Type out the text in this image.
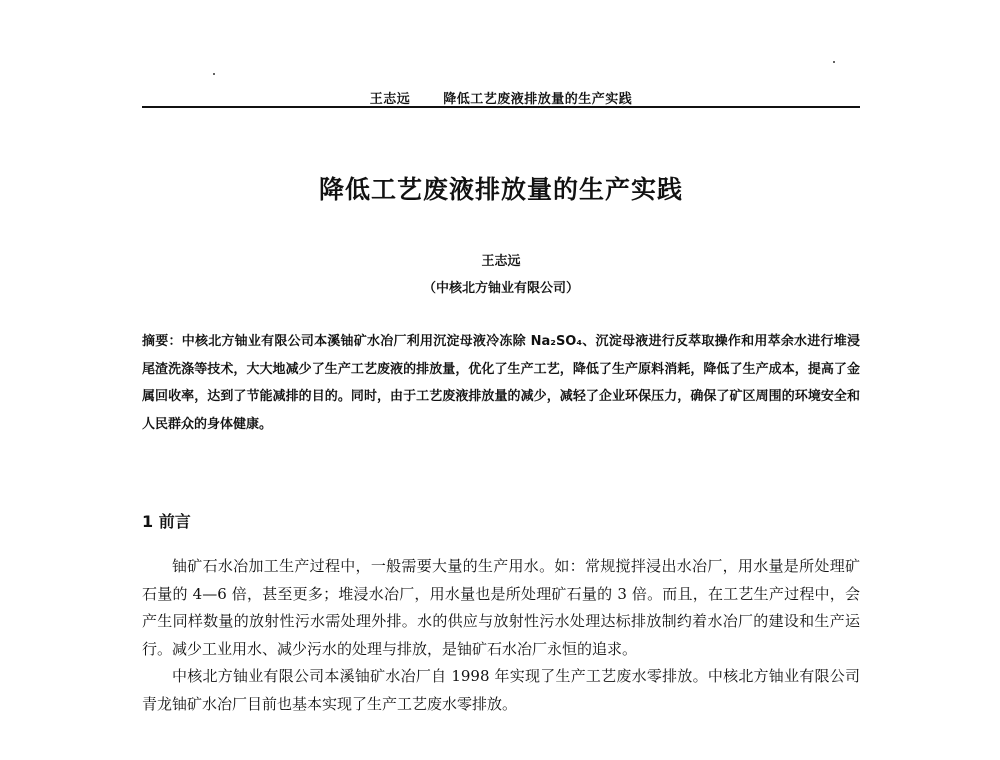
王志远	降低工艺废液排放量的生产实践
降低工艺废液排放量的生产实践
王志远
（中核北方铀业有限公司）
摘要：中核北方铀业有限公司本溪铀矿水冶厂利用沉淀母液冷冻除 Na₂SO₄、沉淀母液进行反萃取操作和用萃余水进行堆浸尾渣洗涤等技术，大大地减少了生产工艺废液的排放量，优化了生产工艺，降低了生产原料消耗，降低了生产成本，提高了金属回收率，达到了节能减排的目的。同时，由于工艺废液排放量的减少，减轻了企业环保压力，确保了矿区周围的环境安全和人民群众的身体健康。
1 前言

铀矿石水冶加工生产过程中，一般需要大量的生产用水。如：常规搅拌浸出水冶厂，用水量是所处理矿石量的 4—6 倍，甚至更多；堆浸水冶厂，用水量也是所处理矿石量的 3 倍。而且，在工艺生产过程中，会产生同样数量的放射性污水需处理外排。水的供应与放射性污水处理达标排放制约着水冶厂的建设和生产运行。减少工业用水、减少污水的处理与排放，是铀矿石水冶厂永恒的追求。

中核北方铀业有限公司本溪铀矿水冶厂自 1998 年实现了生产工艺废水零排放。中核北方铀业有限公司青龙铀矿水冶厂目前也基本实现了生产工艺废水零排放。
